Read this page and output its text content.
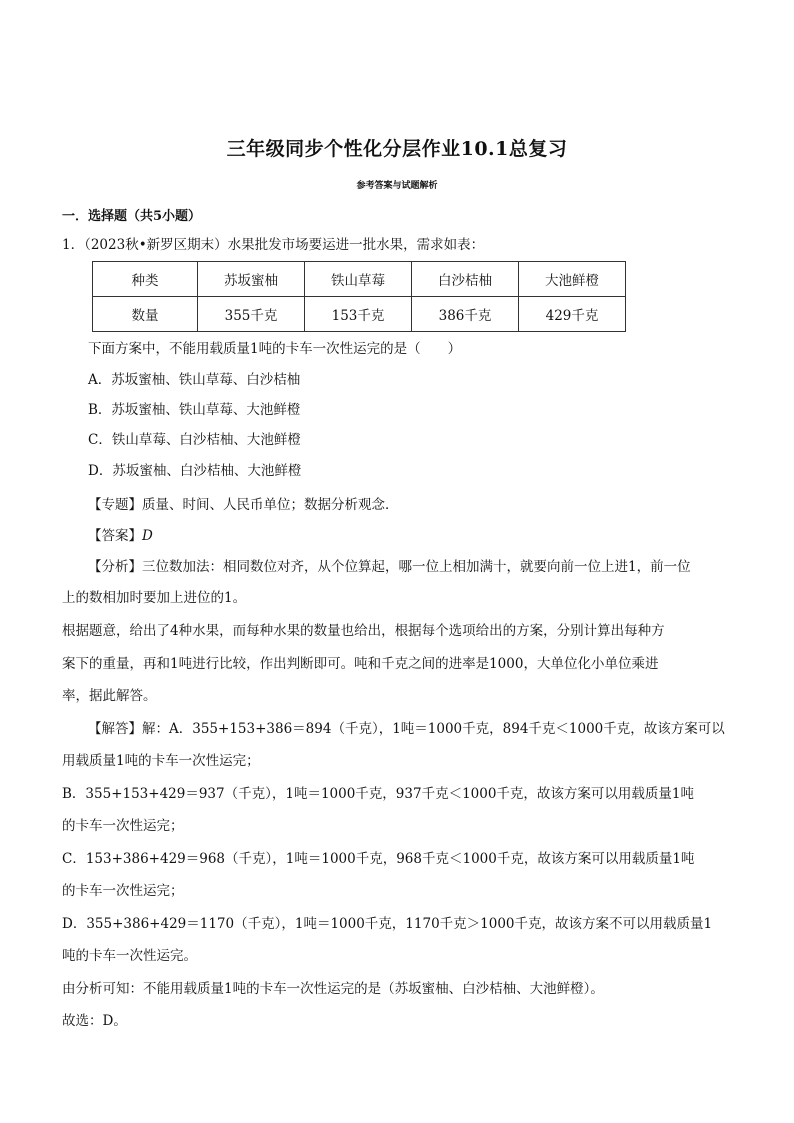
三年级同步个性化分层作业10.1总复习
参考答案与试题解析
一．选择题（共5小题）
1．（2023秋•新罗区期末）水果批发市场要运进一批水果，需求如表：
种类	苏坂蜜柚	铁山草莓	白沙桔柚	大池鲜橙
数量	355千克	153千克	386千克	429千克
下面方案中，不能用载质量1吨的卡车一次性运完的是（　　）
A．苏坂蜜柚、铁山草莓、白沙桔柚
B．苏坂蜜柚、铁山草莓、大池鲜橙
C．铁山草莓、白沙桔柚、大池鲜橙
D．苏坂蜜柚、白沙桔柚、大池鲜橙
【专题】质量、时间、人民币单位；数据分析观念．
【答案】D
【分析】三位数加法：相同数位对齐，从个位算起，哪一位上相加满十，就要向前一位上进1，前一位
上的数相加时要加上进位的1。
根据题意，给出了4种水果，而每种水果的数量也给出，根据每个选项给出的方案，分别计算出每种方
案下的重量，再和1吨进行比较，作出判断即可。吨和千克之间的进率是1000，大单位化小单位乘进
率，据此解答。
【解答】解：A．355+153+386＝894（千克），1吨＝1000千克，894千克＜1000千克，故该方案可以
用载质量1吨的卡车一次性运完；
B．355+153+429＝937（千克），1吨＝1000千克，937千克＜1000千克，故该方案可以用载质量1吨
的卡车一次性运完；
C．153+386+429＝968（千克），1吨＝1000千克，968千克＜1000千克，故该方案可以用载质量1吨
的卡车一次性运完；
D．355+386+429＝1170（千克），1吨＝1000千克，1170千克＞1000千克，故该方案不可以用载质量1
吨的卡车一次性运完。
由分析可知：不能用载质量1吨的卡车一次性运完的是（苏坂蜜柚、白沙桔柚、大池鲜橙）。
故选：D。
